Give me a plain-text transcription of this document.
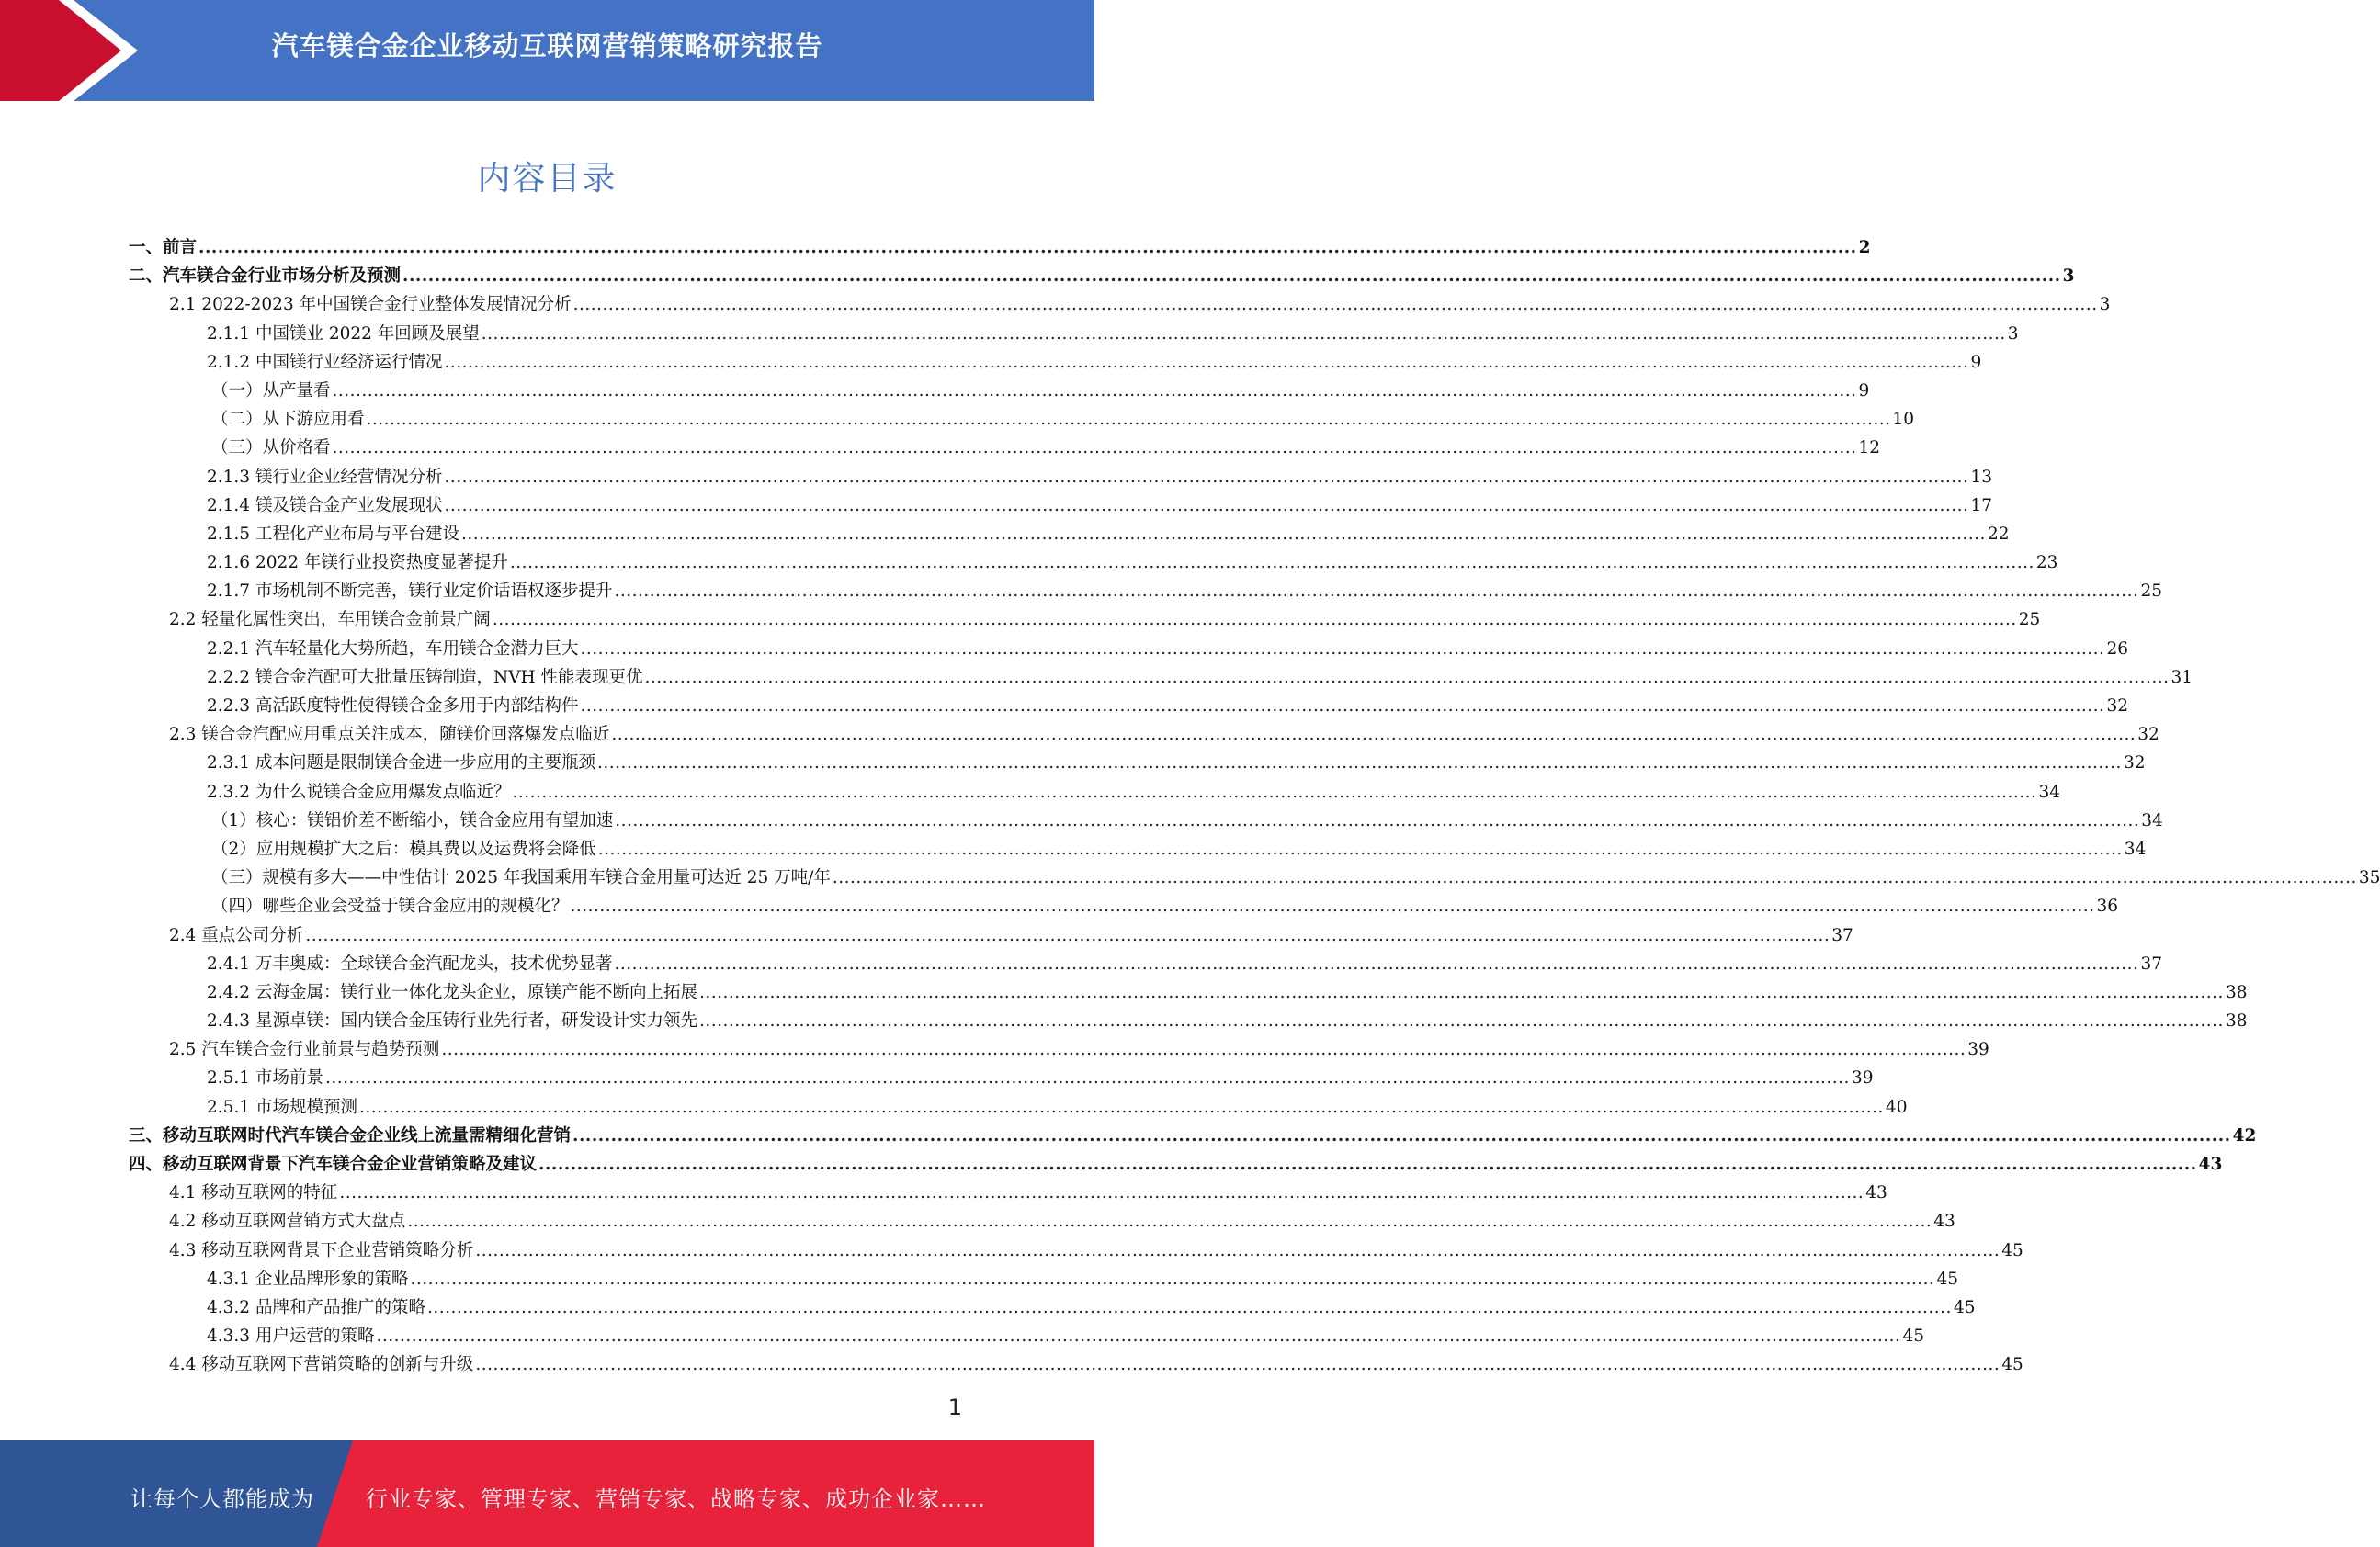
汽车镁合金企业移动互联网营销策略研究报告
内容目录
一、前言 .................................................................................................................................................................................................................................................................... 2
二、汽车镁合金行业市场分析及预测 .................................................................................................................................................................................................................................................................... 3
2.1 2022-2023 年中国镁合金行业整体发展情况分析 .................................................................................................................................................................................................................................................................... 3
2.1.1 中国镁业 2022 年回顾及展望 .................................................................................................................................................................................................................................................................... 3
2.1.2 中国镁行业经济运行情况 .................................................................................................................................................................................................................................................................... 9
（一）从产量看 .................................................................................................................................................................................................................................................................... 9
（二）从下游应用看 .................................................................................................................................................................................................................................................................... 10
（三）从价格看 .................................................................................................................................................................................................................................................................... 12
2.1.3 镁行业企业经营情况分析 .................................................................................................................................................................................................................................................................... 13
2.1.4 镁及镁合金产业发展现状 .................................................................................................................................................................................................................................................................... 17
2.1.5 工程化产业布局与平台建设 .................................................................................................................................................................................................................................................................... 22
2.1.6 2022 年镁行业投资热度显著提升 .................................................................................................................................................................................................................................................................... 23
2.1.7 市场机制不断完善，镁行业定价话语权逐步提升 .................................................................................................................................................................................................................................................................... 25
2.2 轻量化属性突出，车用镁合金前景广阔 .................................................................................................................................................................................................................................................................... 25
2.2.1 汽车轻量化大势所趋，车用镁合金潜力巨大 .................................................................................................................................................................................................................................................................... 26
2.2.2 镁合金汽配可大批量压铸制造，NVH 性能表现更优 .................................................................................................................................................................................................................................................................... 31
2.2.3 高活跃度特性使得镁合金多用于内部结构件 .................................................................................................................................................................................................................................................................... 32
2.3 镁合金汽配应用重点关注成本，随镁价回落爆发点临近 .................................................................................................................................................................................................................................................................... 32
2.3.1 成本问题是限制镁合金进一步应用的主要瓶颈 .................................................................................................................................................................................................................................................................... 32
2.3.2 为什么说镁合金应用爆发点临近？ .................................................................................................................................................................................................................................................................... 34
（1）核心：镁铝价差不断缩小，镁合金应用有望加速 .................................................................................................................................................................................................................................................................... 34
（2）应用规模扩大之后：模具费以及运费将会降低 .................................................................................................................................................................................................................................................................... 34
（三）规模有多大——中性估计 2025 年我国乘用车镁合金用量可达近 25 万吨/年 .................................................................................................................................................................................................................................................................... 35
（四）哪些企业会受益于镁合金应用的规模化？ .................................................................................................................................................................................................................................................................... 36
2.4 重点公司分析 .................................................................................................................................................................................................................................................................... 37
2.4.1 万丰奥威：全球镁合金汽配龙头，技术优势显著 .................................................................................................................................................................................................................................................................... 37
2.4.2 云海金属：镁行业一体化龙头企业，原镁产能不断向上拓展 .................................................................................................................................................................................................................................................................... 38
2.4.3 星源卓镁：国内镁合金压铸行业先行者，研发设计实力领先 .................................................................................................................................................................................................................................................................... 38
2.5 汽车镁合金行业前景与趋势预测 .................................................................................................................................................................................................................................................................... 39
2.5.1 市场前景 .................................................................................................................................................................................................................................................................... 39
2.5.1 市场规模预测 .................................................................................................................................................................................................................................................................... 40
三、移动互联网时代汽车镁合金企业线上流量需精细化营销 .................................................................................................................................................................................................................................................................... 42
四、移动互联网背景下汽车镁合金企业营销策略及建议 .................................................................................................................................................................................................................................................................... 43
4.1 移动互联网的特征 .................................................................................................................................................................................................................................................................... 43
4.2 移动互联网营销方式大盘点 .................................................................................................................................................................................................................................................................... 43
4.3 移动互联网背景下企业营销策略分析 .................................................................................................................................................................................................................................................................... 45
4.3.1 企业品牌形象的策略 .................................................................................................................................................................................................................................................................... 45
4.3.2 品牌和产品推广的策略 .................................................................................................................................................................................................................................................................... 45
4.3.3 用户运营的策略 .................................................................................................................................................................................................................................................................... 45
4.4 移动互联网下营销策略的创新与升级 .................................................................................................................................................................................................................................................................... 45
1
让每个人都能成为 行业专家、管理专家、营销专家、战略专家、成功企业家……
